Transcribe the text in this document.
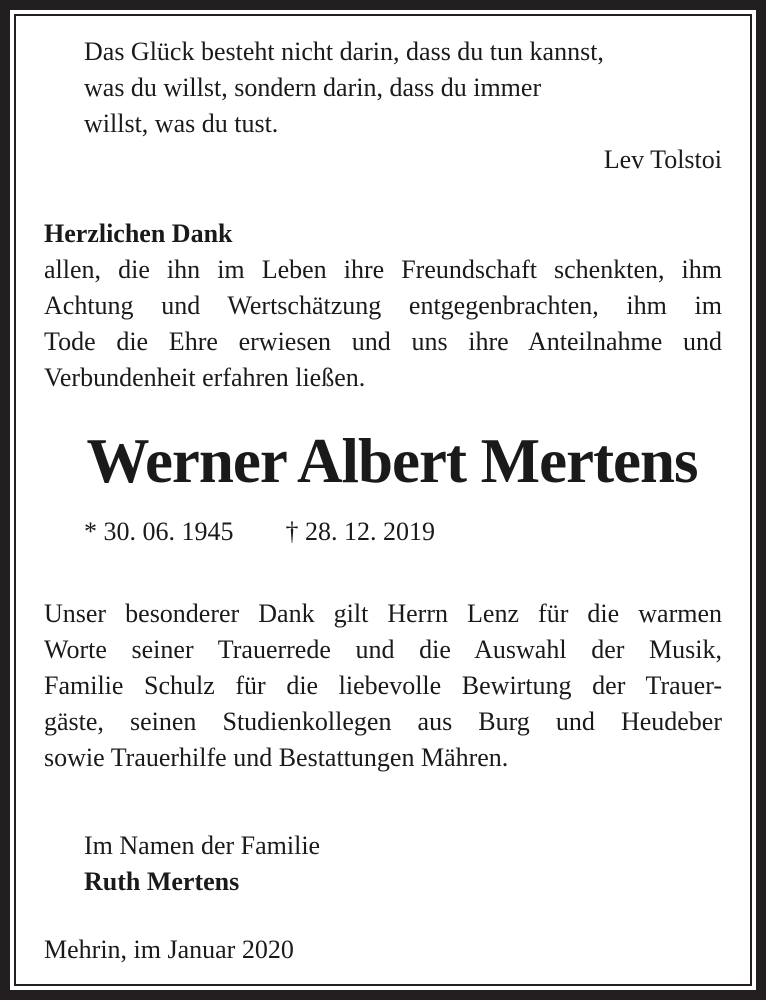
Das Glück besteht nicht darin, dass du tun kannst,
was du willst, sondern darin, dass du immer
willst, was du tust.
Lev Tolstoi
Herzlichen Dank
allen, die ihn im Leben ihre Freundschaft schenkten, ihm
Achtung und Wertschätzung entgegenbrachten, ihm im
Tode die Ehre erwiesen und uns ihre Anteilnahme und
Verbundenheit erfahren ließen.
Werner Albert Mertens
* 30. 06. 1945 † 28. 12. 2019
Unser besonderer Dank gilt Herrn Lenz für die warmen
Worte seiner Trauerrede und die Auswahl der Musik,
Familie Schulz für die liebevolle Bewirtung der Trauer-
gäste, seinen Studienkollegen aus Burg und Heudeber
sowie Trauerhilfe und Bestattungen Mähren.
Im Namen der Familie
Ruth Mertens
Mehrin, im Januar 2020
